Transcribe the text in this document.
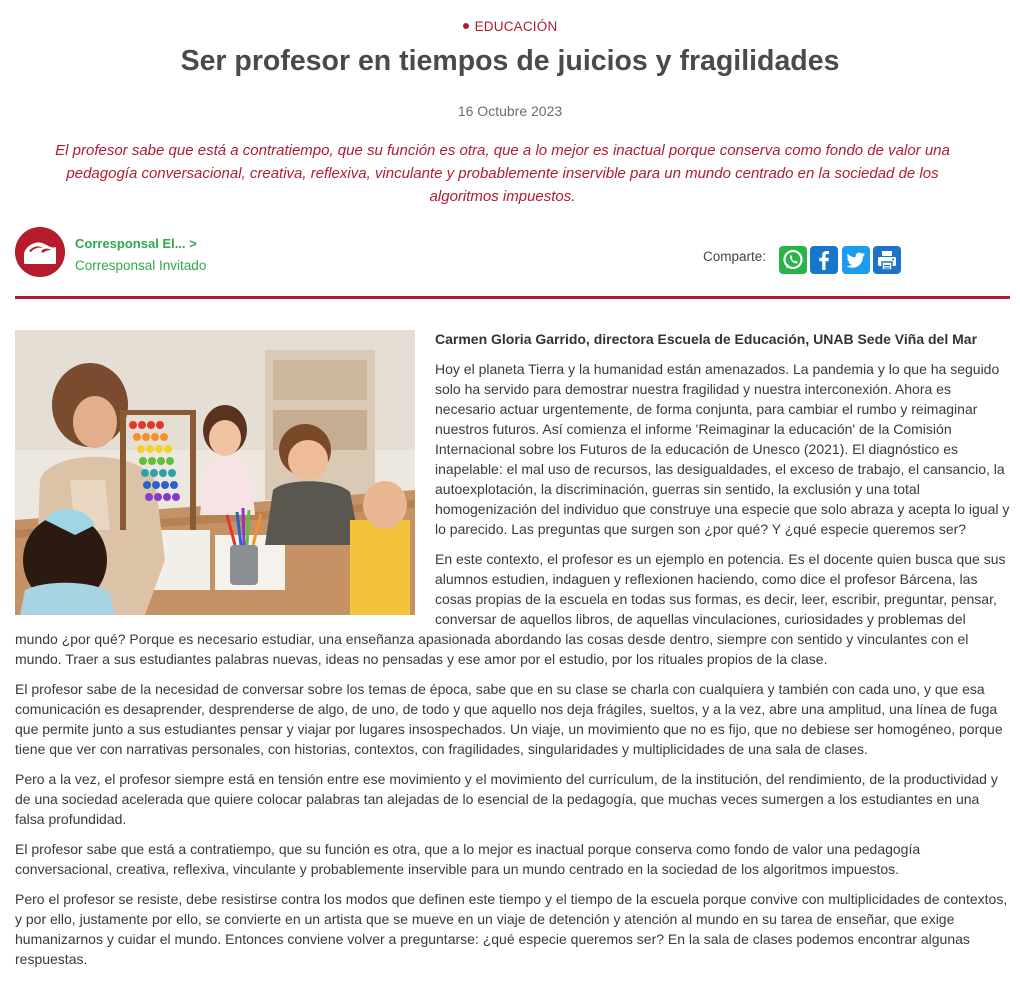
EDUCACIÓN
Ser profesor en tiempos de juicios y fragilidades
16 Octubre 2023

El profesor sabe que está a contratiempo, que su función es otra, que a lo mejor es inactual porque conserva como fondo de valor una pedagogía conversacional, creativa, reflexiva, vinculante y probablemente inservible para un mundo centrado en la sociedad de los algoritmos impuestos.

Corresponsal El... >
Corresponsal Invitado
Comparte:

Carmen Gloria Garrido, directora Escuela de Educación, UNAB Sede Viña del Mar

Hoy el planeta Tierra y la humanidad están amenazados. La pandemia y lo que ha seguido solo ha servido para demostrar nuestra fragilidad y nuestra interconexión. Ahora es necesario actuar urgentemente, de forma conjunta, para cambiar el rumbo y reimaginar nuestros futuros. Así comienza el informe 'Reimaginar la educación' de la Comisión Internacional sobre los Futuros de la educación de Unesco (2021). El diagnóstico es inapelable: el mal uso de recursos, las desigualdades, el exceso de trabajo, el cansancio, la autoexplotación, la discriminación, guerras sin sentido, la exclusión y una total homogenización del individuo que construye una especie que solo abraza y acepta lo igual y lo parecido. Las preguntas que surgen son ¿por qué? Y ¿qué especie queremos ser?

En este contexto, el profesor es un ejemplo en potencia. Es el docente quien busca que sus alumnos estudien, indaguen y reflexionen haciendo, como dice el profesor Bárcena, las cosas propias de la escuela en todas sus formas, es decir, leer, escribir, preguntar, pensar, conversar de aquellos libros, de aquellas vinculaciones, curiosidades y problemas del mundo ¿por qué? Porque es necesario estudiar, una enseñanza apasionada abordando las cosas desde dentro, siempre con sentido y vinculantes con el mundo. Traer a sus estudiantes palabras nuevas, ideas no pensadas y ese amor por el estudio, por los rituales propios de la clase.

El profesor sabe de la necesidad de conversar sobre los temas de época, sabe que en su clase se charla con cualquiera y también con cada uno, y que esa comunicación es desaprender, desprenderse de algo, de uno, de todo y que aquello nos deja frágiles, sueltos, y a la vez, abre una amplitud, una línea de fuga que permite junto a sus estudiantes pensar y viajar por lugares insospechados. Un viaje, un movimiento que no es fijo, que no debiese ser homogéneo, porque tiene que ver con narrativas personales, con historias, contextos, con fragilidades, singularidades y multiplicidades de una sala de clases.

Pero a la vez, el profesor siempre está en tensión entre ese movimiento y el movimiento del currículum, de la institución, del rendimiento, de la productividad y de una sociedad acelerada que quiere colocar palabras tan alejadas de lo esencial de la pedagogía, que muchas veces sumergen a los estudiantes en una falsa profundidad.

El profesor sabe que está a contratiempo, que su función es otra, que a lo mejor es inactual porque conserva como fondo de valor una pedagogía conversacional, creativa, reflexiva, vinculante y probablemente inservible para un mundo centrado en la sociedad de los algoritmos impuestos.

Pero el profesor se resiste, debe resistirse contra los modos que definen este tiempo y el tiempo de la escuela porque convive con multiplicidades de contextos, y por ello, justamente por ello, se convierte en un artista que se mueve en un viaje de detención y atención al mundo en su tarea de enseñar, que exige humanizarnos y cuidar el mundo. Entonces conviene volver a preguntarse: ¿qué especie queremos ser? En la sala de clases podemos encontrar algunas respuestas.
